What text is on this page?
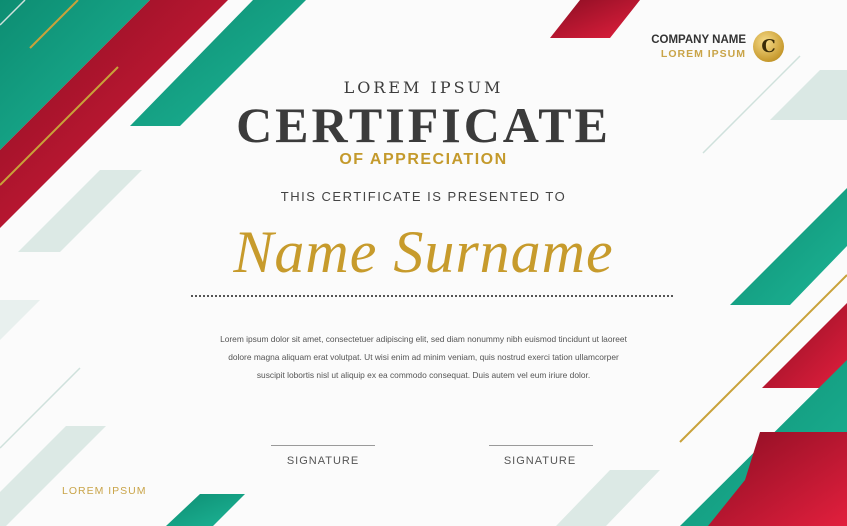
LOREM IPSUM
CERTIFICATE
OF APPRECIATION
THIS CERTIFICATE IS PRESENTED TO
Name Surname
Lorem ipsum dolor sit amet, consectetuer adipiscing elit, sed diam nonummy nibh euismod tincidunt ut laoreet
dolore magna aliquam erat volutpat. Ut wisi enim ad minim veniam, quis nostrud exerci tation ullamcorper
suscipit lobortis nisl ut aliquip ex ea commodo consequat. Duis autem vel eum iriure dolor.
SIGNATURE	SIGNATURE
COMPANY NAME
LOREM IPSUM C
LOREM IPSUM
